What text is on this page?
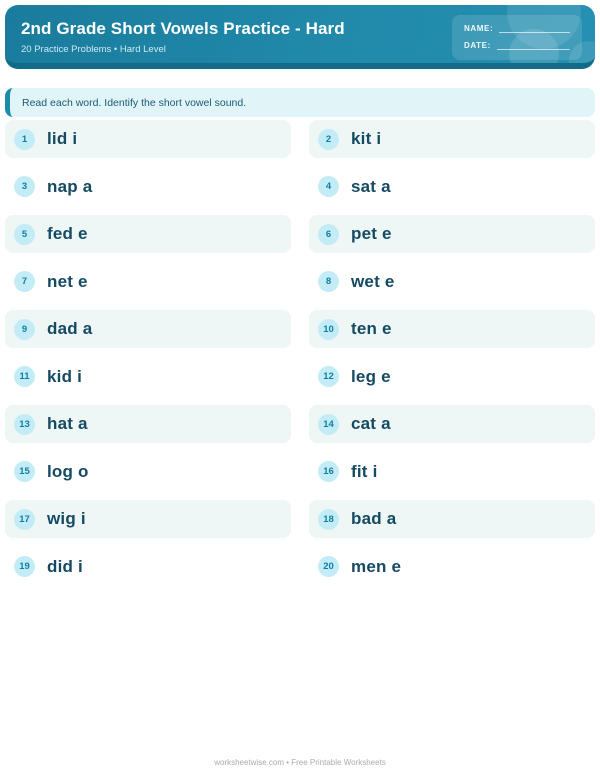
2nd Grade Short Vowels Practice - Hard
20 Practice Problems • Hard Level
NAME:
DATE:
Read each word. Identify the short vowel sound.
1	lid i	2	kit i
3	nap a	4	sat a
5	fed e	6	pet e
7	net e	8	wet e
9	dad a	10	ten e
11	kid i	12	leg e
13	hat a	14	cat a
15	log o	16	fit i
17	wig i	18	bad a
19	did i	20	men e
worksheetwise.com • Free Printable Worksheets
